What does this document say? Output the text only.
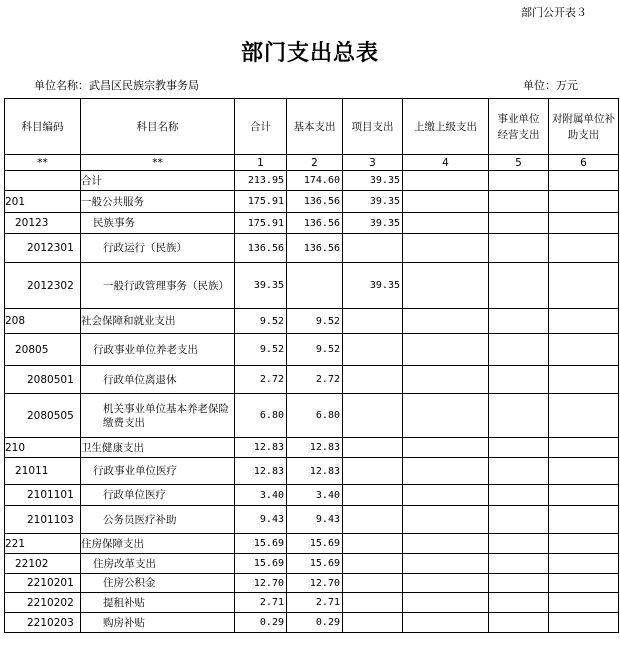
部门公开表３
部门支出总表
单位名称：武昌区民族宗教事务局	单位：万元
科目编码	科目名称	合计	基本支出	项目支出	上缴上级支出	事业单位经营支出	对附属单位补助支出
**	**	1	2	3	4	5	6
	合计	213.95	174.60	39.35			
201	一般公共服务	175.91	136.56	39.35			
20123	民族事务	175.91	136.56	39.35			
2012301	行政运行（民族）	136.56	136.56				
2012302	一般行政管理事务（民族）	39.35		39.35			
208	社会保障和就业支出	9.52	9.52				
20805	行政事业单位养老支出	9.52	9.52				
2080501	行政单位离退休	2.72	2.72				
2080505	机关事业单位基本养老保险缴费支出	6.80	6.80				
210	卫生健康支出	12.83	12.83				
21011	行政事业单位医疗	12.83	12.83				
2101101	行政单位医疗	3.40	3.40				
2101103	公务员医疗补助	9.43	9.43				
221	住房保障支出	15.69	15.69				
22102	住房改革支出	15.69	15.69				
2210201	住房公积金	12.70	12.70				
2210202	提租补贴	2.71	2.71				
2210203	购房补贴	0.29	0.29				
